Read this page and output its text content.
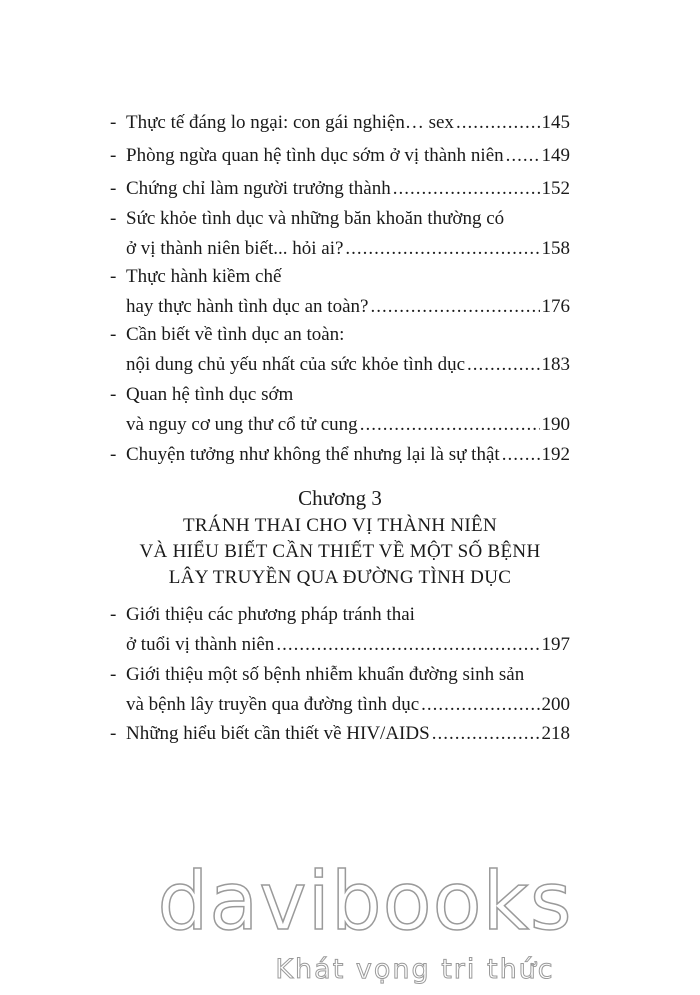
- Thực tế đáng lo ngại: con gái nghiện… sex .....	145
- Phòng ngừa quan hệ tình dục sớm ở vị thành niên ..... 149
- Chứng chỉ làm người trưởng thành .....	152
- Sức khỏe tình dục và những băn khoăn thường có
ở vị thành niên biết... hỏi ai? .....	158
- Thực hành kiềm chế
hay thực hành tình dục an toàn? .....	176
- Cần biết về tình dục an toàn:
nội dung chủ yếu nhất của sức khỏe tình dục .....	183
- Quan hệ tình dục sớm
và nguy cơ ung thư cổ tử cung .....	190
- Chuyện tưởng như không thể nhưng lại là sự thật ..... 192
Chương 3
TRÁNH THAI CHO VỊ THÀNH NIÊN
VÀ HIỂU BIẾT CẦN THIẾT VỀ MỘT SỐ BỆNH
LÂY TRUYỀN QUA ĐƯỜNG TÌNH DỤC
- Giới thiệu các phương pháp tránh thai
ở tuổi vị thành niên .....	197
- Giới thiệu một số bệnh nhiễm khuẩn đường sinh sản
và bệnh lây truyền qua đường tình dục .....	200
- Những hiểu biết cần thiết về HIV/AIDS .....	218
davibooks
Khát vọng tri thức
